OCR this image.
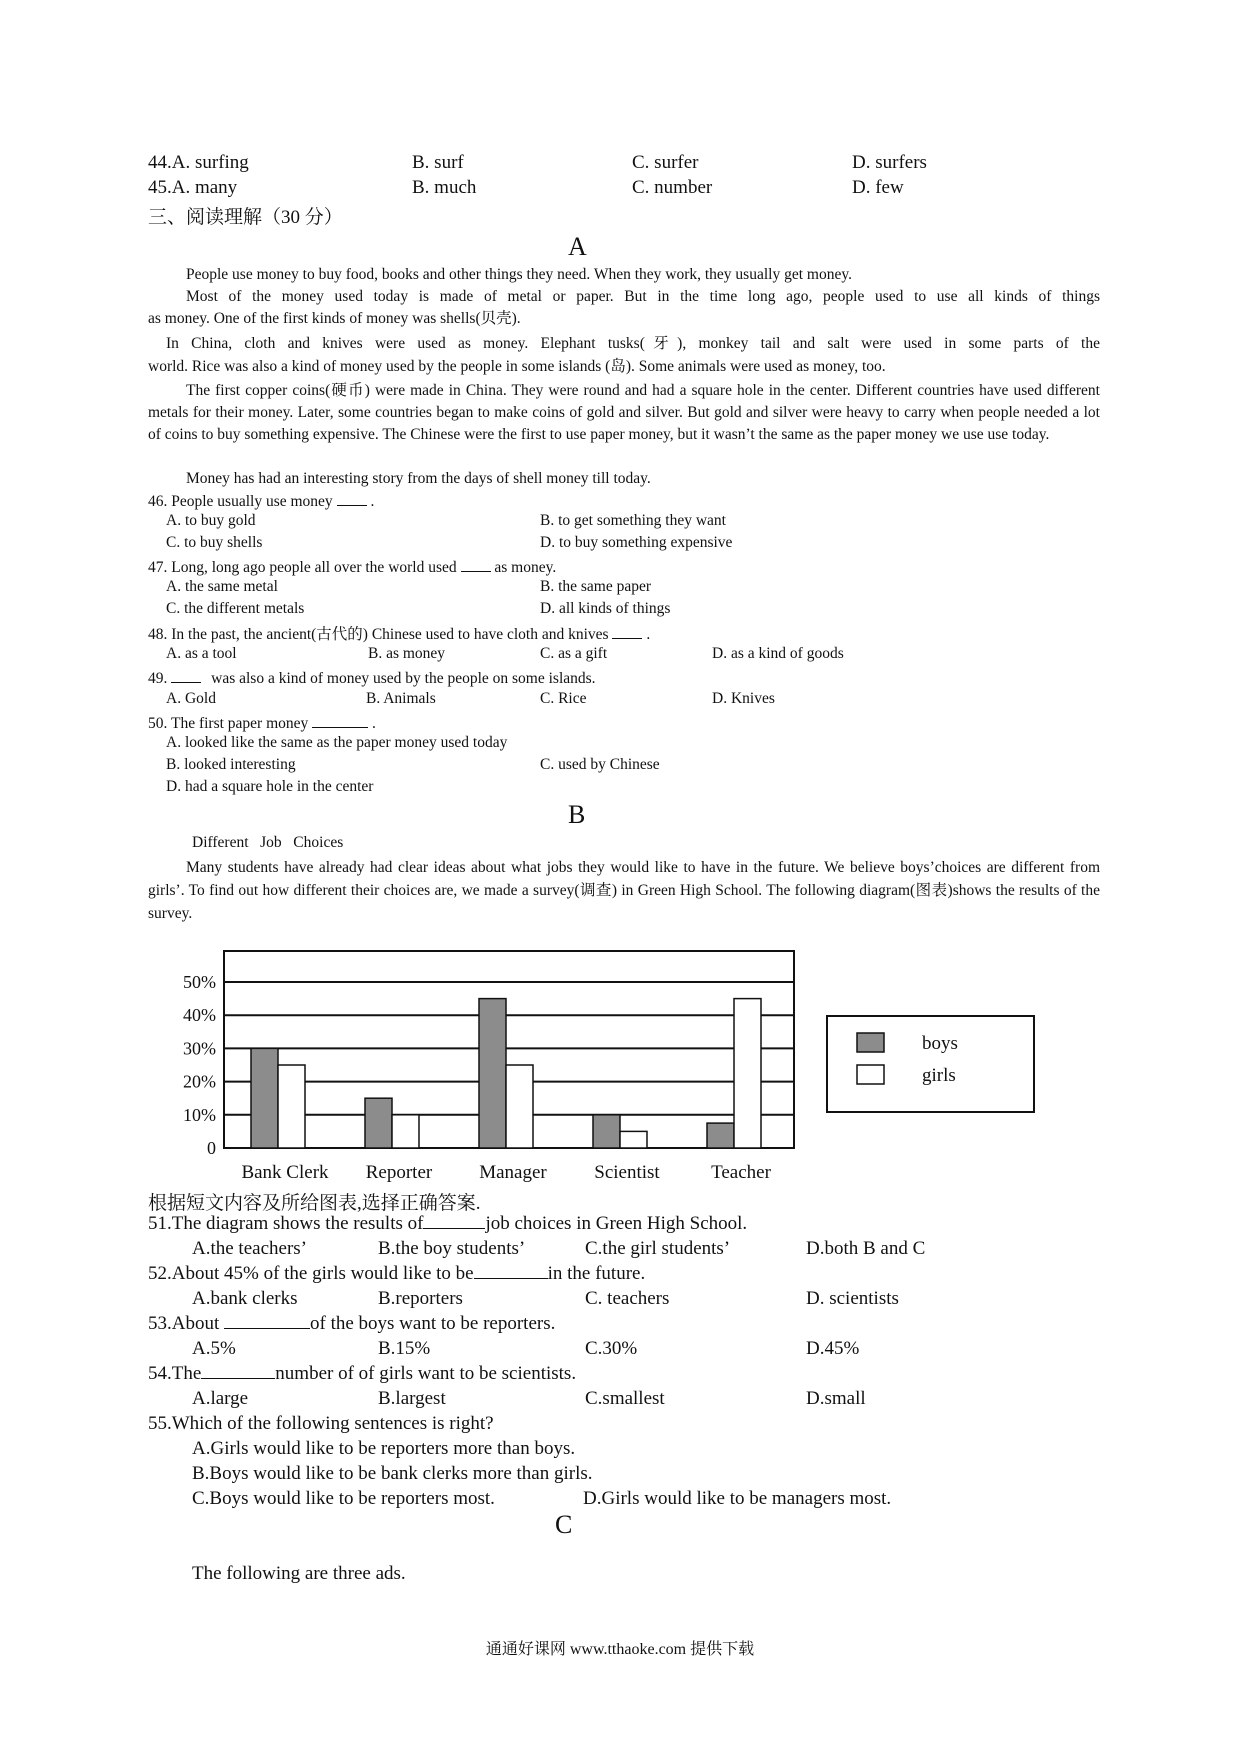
44.A. surfing	B. surf	C. surfer	D. surfers
45.A. many	B. much	C. number	D. few
三、阅读理解（30 分）
A
People use money to buy food, books and other things they need. When they work, they usually get money.
Most of the money used today is made of metal or paper. But in the time long ago, people used to use all kinds of things
as money. One of the first kinds of money was shells(贝壳).
In China, cloth and knives were used as money. Elephant tusks(牙), monkey tail and salt were used in some parts of the
world. Rice was also a kind of money used by the people in some islands (岛). Some animals were used as money, too.
The first copper coins(硬币) were made in China. They were round and had a square hole in the center. Different countries have used different metals for their money. Later, some countries began to make coins of gold and silver. But gold and silver were heavy to carry when people needed a lot of coins to buy something expensive. The Chinese were the first to use paper money, but it wasn’t the same as the paper money we use use today.
Money has had an interesting story from the days of shell money till today.
46. People usually use money .
A. to buy gold	B. to get something they want
C. to buy shells	D. to buy something expensive
47. Long, long ago people all over the world used as money.
A. the same metal	B. the same paper
C. the different metals	D. all kinds of things
48. In the past, the ancient(古代的) Chinese used to have cloth and knives .
A. as a tool	B. as money	C. as a gift	D. as a kind of goods
49.	was also a kind of money used by the people on some islands.
A. Gold	B. Animals	C. Rice	D. Knives
50. The first paper money	.
A. looked like the same as the paper money used today
B. looked interesting	C. used by Chinese
D. had a square hole in the center
B
Different   Job   Choices
Many students have already had clear ideas about what jobs they would like to have in the future. We believe boys’choices are different from girls’. To find out how different their choices are, we made a survey(调查) in Green High School. The following diagram(图表)shows the results of the survey.
0
10%
20%
30%
40%
50%
Bank Clerk Reporter Manager	Scientist	Teacher
boys
girls
根据短文内容及所给图表,选择正确答案.
51.The diagram shows the results of	job choices in Green High School.
A.the teachers’	B.the boy students’	C.the girl students’	D.both B and C
52.About 45% of the girls would like to be	in the future.
A.bank clerks	B.reporters	C. teachers	D. scientists
53.About	of the boys want to be reporters.
A.5%	B.15%	C.30%	D.45%
54.The	number of of girls want to be scientists.
A.large	B.largest	C.smallest	D.small
55.Which of the following sentences is right?
A.Girls would like to be reporters more than boys.
B.Boys would like to be bank clerks more than girls.
C.Boys would like to be reporters most.	D.Girls would like to be managers most.
C
The following are three ads.
通通好课网 www.tthaoke.com 提供下载
